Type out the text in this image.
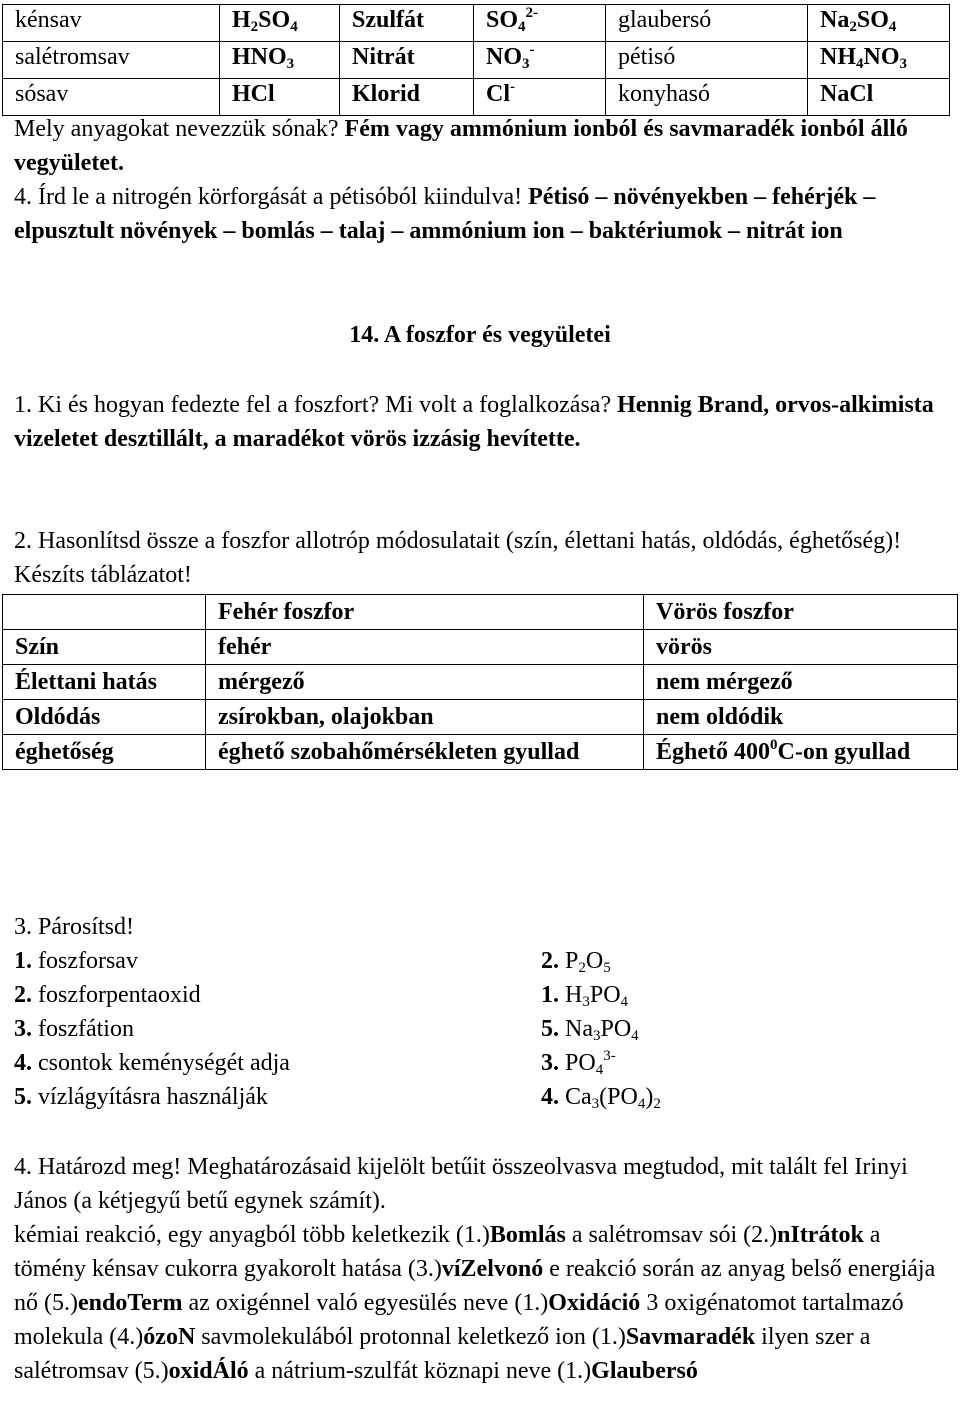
kénsav	$H_2SO_4$	Szulfát	$SO_4^{2-}$	glaubersó	$Na_2SO_4$
salétromsav	$HNO_3$	Nitrát	$NO_3^-$	pétisó	$NH_4NO_3$
sósav	HCl	Klorid	Cl-	konyhasó	NaCl
Mely anyagokat nevezzük sónak? Fém vagy ammónium ionból és savmaradék ionból álló vegyületet.
4. Írd le a nitrogén körforgását a pétisóból kiindulva! Pétisó – növényekben – fehérjék – elpusztult növények – bomlás – talaj – ammónium ion – baktériumok – nitrát ion
14. A foszfor és vegyületei
1. Ki és hogyan fedezte fel a foszfort? Mi volt a foglalkozása? Hennig Brand, orvos-alkimista vizeletet desztillált, a maradékot vörös izzásig hevítette.
2. Hasonlítsd össze a foszfor allotróp módosulatait (szín, élettani hatás, oldódás, éghetőség)! Készíts táblázatot!
	Fehér foszfor	Vörös foszfor
Szín	fehér	vörös
Élettani hatás	mérgező	nem mérgező
Oldódás	zsírokban, olajokban	nem oldódik
éghetőség	éghető szobahőmérsékleten gyullad	Éghető $400^0C-on$ gyullad
3. Párosítsd!
1. foszforsav	2. $P_2O_5$
2. foszforpentaoxid	1. $H_3PO_4$
3. foszfátion	5. $Na_3PO_4$
4. csontok keménységét adja	3. $PO_4^{3-}$
5. vízlágyításra használják	4. $Ca_3(PO_4)_2$
4. Határozd meg! Meghatározásaid kijelölt betűit összeolvasva megtudod, mit talált fel Irinyi János (a kétjegyű betű egynek számít).
kémiai reakció, egy anyagból több keletkezik (1.)Bomlás a salétromsav sói (2.)nItrátok a tömény kénsav cukorra gyakorolt hatása (3.)víZelvonó e reakció során az anyag belső energiája nő (5.)endoTerm az oxigénnel való egyesülés neve (1.)Oxidáció 3 oxigénatomot tartalmazó molekula (4.)ózoN savmolekulából protonnal keletkező ion (1.)Savmaradék ilyen szer a salétromsav (5.)oxidÁló a nátrium-szulfát köznapi neve (1.)Glaubersó
